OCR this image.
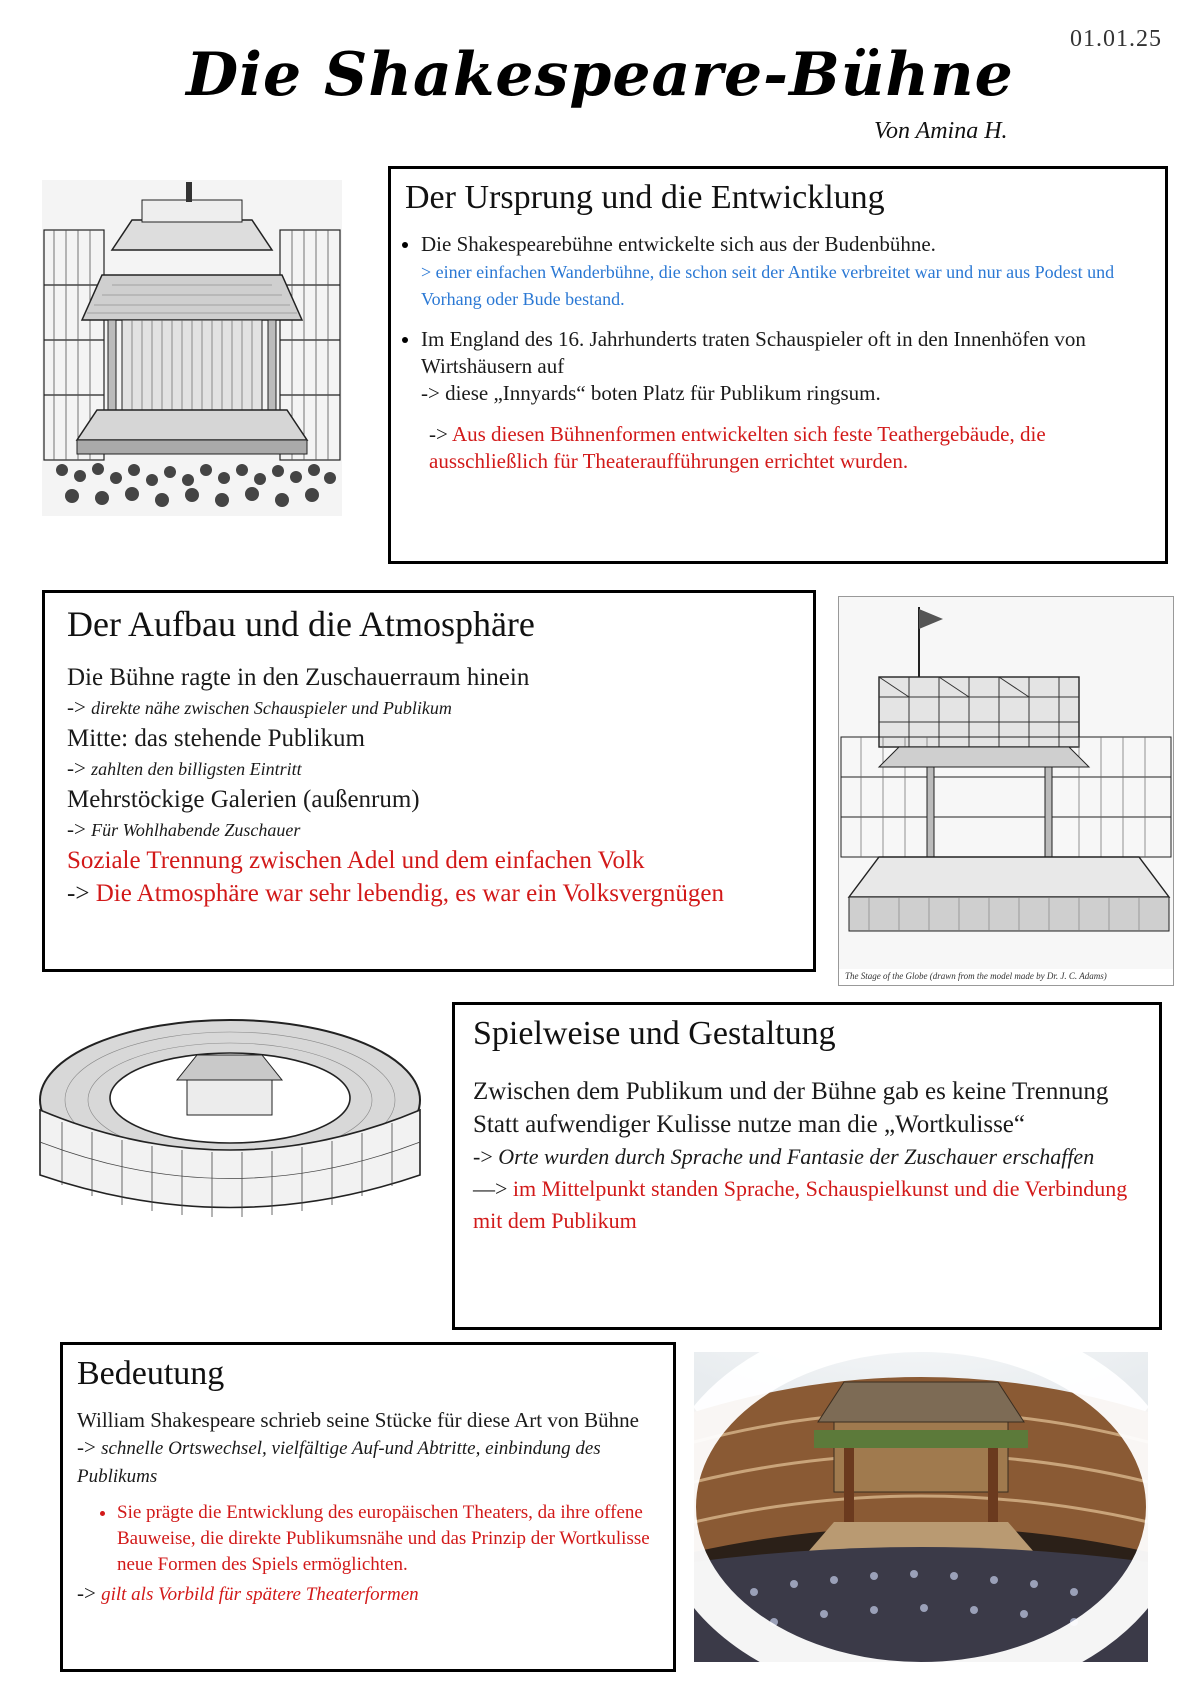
01.01.25
Die Shakespeare-Bühne
Von Amina H.
Der Ursprung und die Entwicklung
• Die Shakespearebühne entwickelte sich aus der Budenbühne.
> einer einfachen Wanderbühne, die schon seit der Antike verbreitet war und nur aus Podest und Vorhang oder Bude bestand.
• Im England des 16. Jahrhunderts traten Schauspieler oft in den Innenhöfen von Wirtshäusern auf
-> diese „Innyards“ boten Platz für Publikum ringsum.

-> Aus diesen Bühnenformen entwickelten sich feste Teathergebäude, die ausschließlich für Theateraufführungen errichtet wurden.

Der Aufbau und die Atmosphäre

Die Bühne ragte in den Zuschauerraum hinein

-> direkte nähe zwischen Schauspieler und Publikum

Mitte: das stehende Publikum

-> zahlten den billigsten Eintritt

Mehrstöckige Galerien (außenrum)

-> Für Wohlhabende Zuschauer

Soziale Trennung zwischen Adel und dem einfachen Volk

-> Die Atmosphäre war sehr lebendig, es war ein Volksvergnügen

The Stage of the Globe (drawn from the model made by Dr. J. C. Adams)
Spielweise und Gestaltung

Zwischen dem Publikum und der Bühne gab es keine Trennung

Statt aufwendiger Kulisse nutze man die „Wortkulisse“

-> Orte wurden durch Sprache und Fantasie der Zuschauer erschaffen

—> im Mittelpunkt standen Sprache, Schauspielkunst und die Verbindung mit dem Publikum

Bedeutung

William Shakespeare schrieb seine Stücke für diese Art von Bühne

-> schnelle Ortswechsel, vielfältige Auf-und Abtritte, einbindung des Publikums

• Sie prägte die Entwicklung des europäischen Theaters, da ihre offene Bauweise, die direkte Publikumsnähe und das Prinzip der Wortkulisse neue Formen des Spiels ermöglichten.

-> gilt als Vorbild für spätere Theaterformen
